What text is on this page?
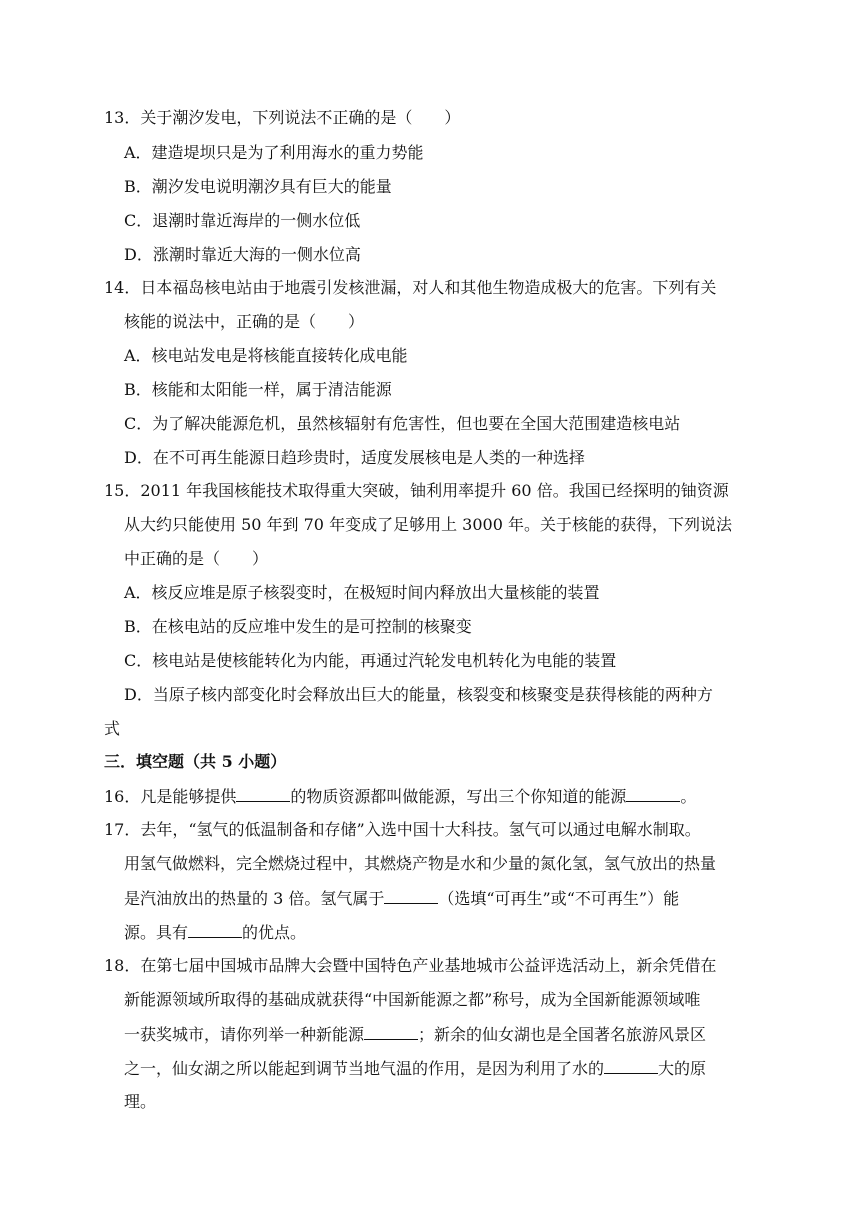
13．关于潮汐发电，下列说法不正确的是（　　）
A．建造堤坝只是为了利用海水的重力势能
B．潮汐发电说明潮汐具有巨大的能量
C．退潮时靠近海岸的一侧水位低
D．涨潮时靠近大海的一侧水位高
14．日本福岛核电站由于地震引发核泄漏，对人和其他生物造成极大的危害。下列有关
核能的说法中，正确的是（　　）
A．核电站发电是将核能直接转化成电能
B．核能和太阳能一样，属于清洁能源
C．为了解决能源危机，虽然核辐射有危害性，但也要在全国大范围建造核电站
D．在不可再生能源日趋珍贵时，适度发展核电是人类的一种选择
15．2011 年我国核能技术取得重大突破，铀利用率提升 60 倍。我国已经探明的铀资源
从大约只能使用 50 年到 70 年变成了足够用上 3000 年。关于核能的获得，下列说法
中正确的是（　　）
A．核反应堆是原子核裂变时，在极短时间内释放出大量核能的装置
B．在核电站的反应堆中发生的是可控制的核聚变
C．核电站是使核能转化为内能，再通过汽轮发电机转化为电能的装置
D．当原子核内部变化时会释放出巨大的能量，核裂变和核聚变是获得核能的两种方
式
三．填空题（共 5 小题）
16．凡是能够提供	的物质资源都叫做能源，写出三个你知道的能源	。
17．去年，“氢气的低温制备和存储”入选中国十大科技。氢气可以通过电解水制取。
用氢气做燃料，完全燃烧过程中，其燃烧产物是水和少量的氮化氢，氢气放出的热量
是汽油放出的热量的 3 倍。氢气属于	（选填“可再生”或“不可再生”）能
源。具有	的优点。
18．在第七届中国城市品牌大会暨中国特色产业基地城市公益评选活动上，新余凭借在
新能源领域所取得的基础成就获得“中国新能源之都”称号，成为全国新能源领域唯
一获奖城市，请你列举一种新能源	；新余的仙女湖也是全国著名旅游风景区
之一，仙女湖之所以能起到调节当地气温的作用，是因为利用了水的	大的原
理。
